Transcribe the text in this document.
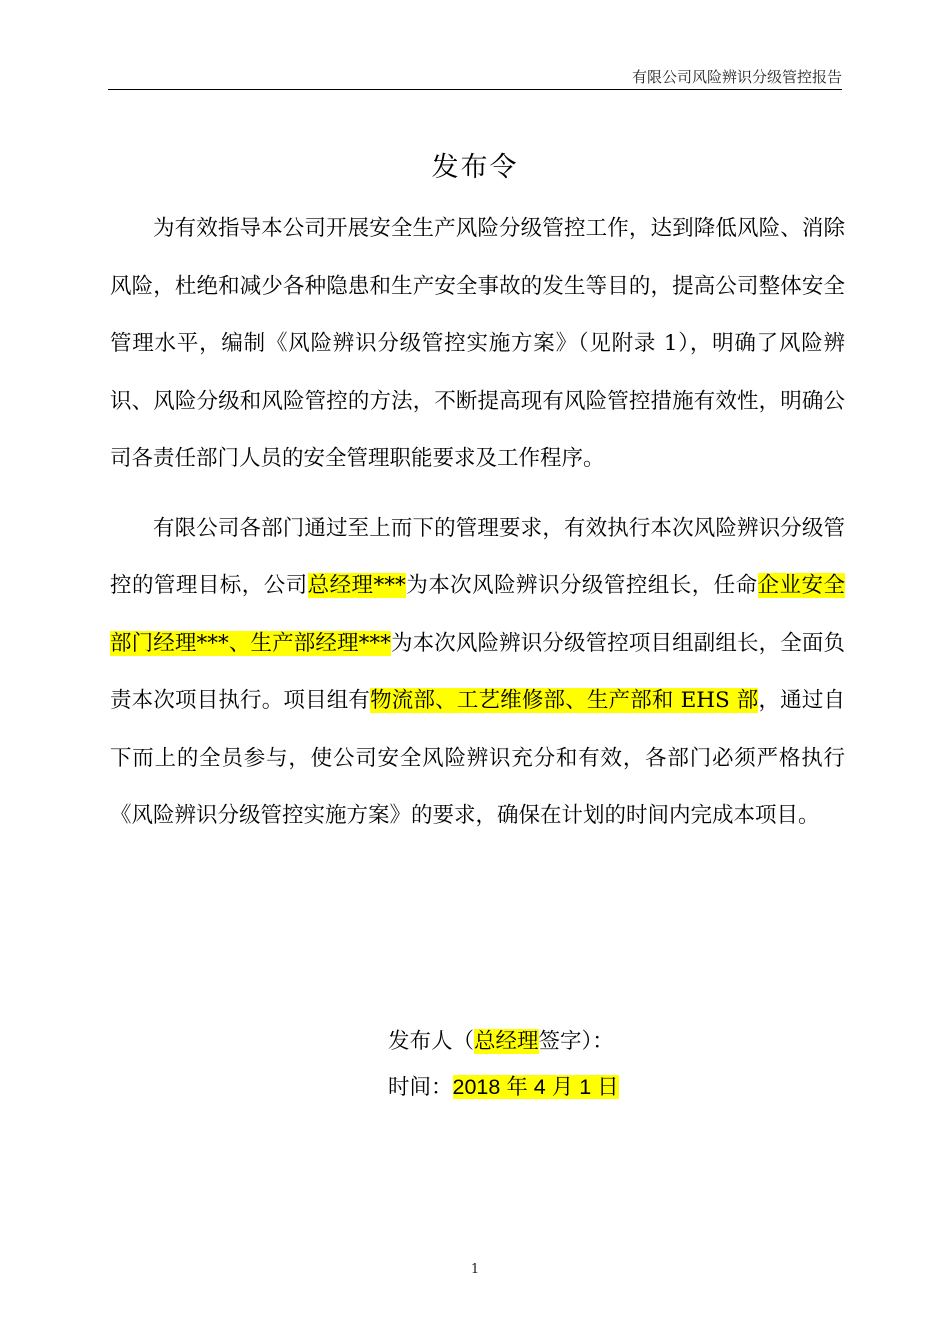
有限公司风险辨识分级管控报告
发布令

为有效指导本公司开展安全生产风险分级管控工作，达到降低风险、消除风险，杜绝和减少各种隐患和生产安全事故的发生等目的，提高公司整体安全管理水平，编制《风险辨识分级管控实施方案》（见附录 1），明确了风险辨识、风险分级和风险管控的方法，不断提高现有风险管控措施有效性，明确公司各责任部门人员的安全管理职能要求及工作程序。

有限公司各部门通过至上而下的管理要求，有效执行本次风险辨识分级管控的管理目标，公司总经理***为本次风险辨识分级管控组长，任命企业安全部门经理***、生产部经理***为本次风险辨识分级管控项目组副组长，全面负责本次项目执行。项目组有物流部、工艺维修部、生产部和 EHS 部，通过自下而上的全员参与，使公司安全风险辨识充分和有效，各部门必须严格执行《风险辨识分级管控实施方案》的要求，确保在计划的时间内完成本项目。

发布人（总经理签字）：
时间：2018 年 4 月 1 日
1
